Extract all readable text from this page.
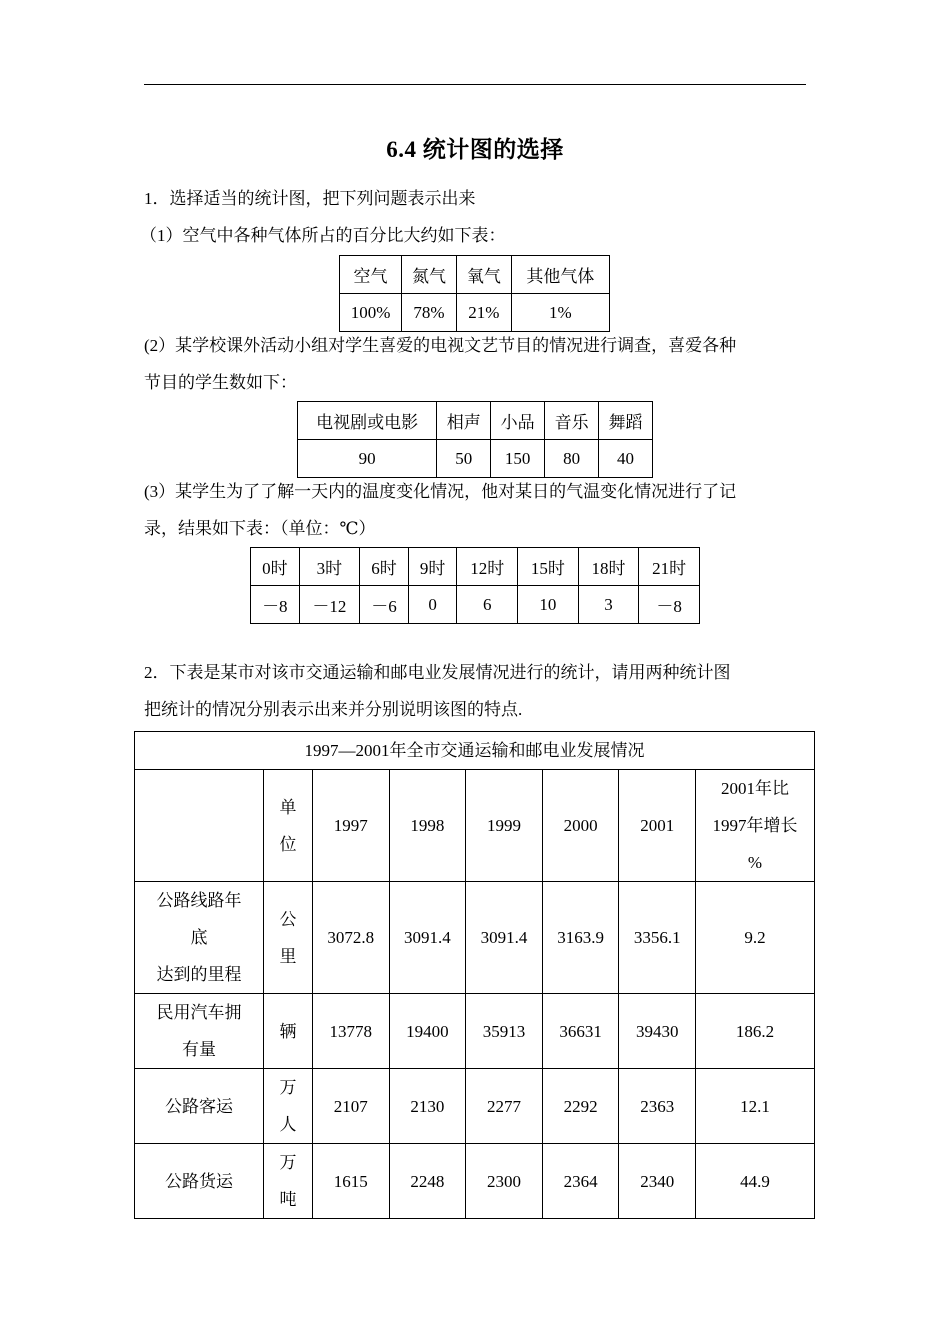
6.4 统计图的选择
1．选择适当的统计图，把下列问题表示出来
（1）空气中各种气体所占的百分比大约如下表：
空气	氮气	氧气	其他气体
100%	78%	21%	1%
(2）某学校课外活动小组对学生喜爱的电视文艺节目的情况进行调查，喜爱各种
节目的学生数如下：
电视剧或电影	相声	小品	音乐	舞蹈
90	50	150	80	40
(3）某学生为了了解一天内的温度变化情况，他对某日的气温变化情况进行了记
录，结果如下表：（单位：℃）
0时	3时	6时	9时	12时	15时	18时	21时
－8	－12	－6	0	6	10	3	－8
2．下表是某市对该市交通运输和邮电业发展情况进行的统计，请用两种统计图
把统计的情况分别表示出来并分别说明该图的特点.
1997—2001年全市交通运输和邮电业发展情况							

	单
位	1997	1998	1999	2000	2001	2001年比
1997年增长
%

公路线路年
底
达到的里程	公
里	3072.8	3091.4	3091.4	3163.9	3356.1	9.2

民用汽车拥
有量	辆	13778	19400	35913	36631	39430	186.2
公路客运	万
人	2107	2130	2277	2292	2363	12.1
公路货运	万
吨	1615	2248	2300	2364	2340	44.9
